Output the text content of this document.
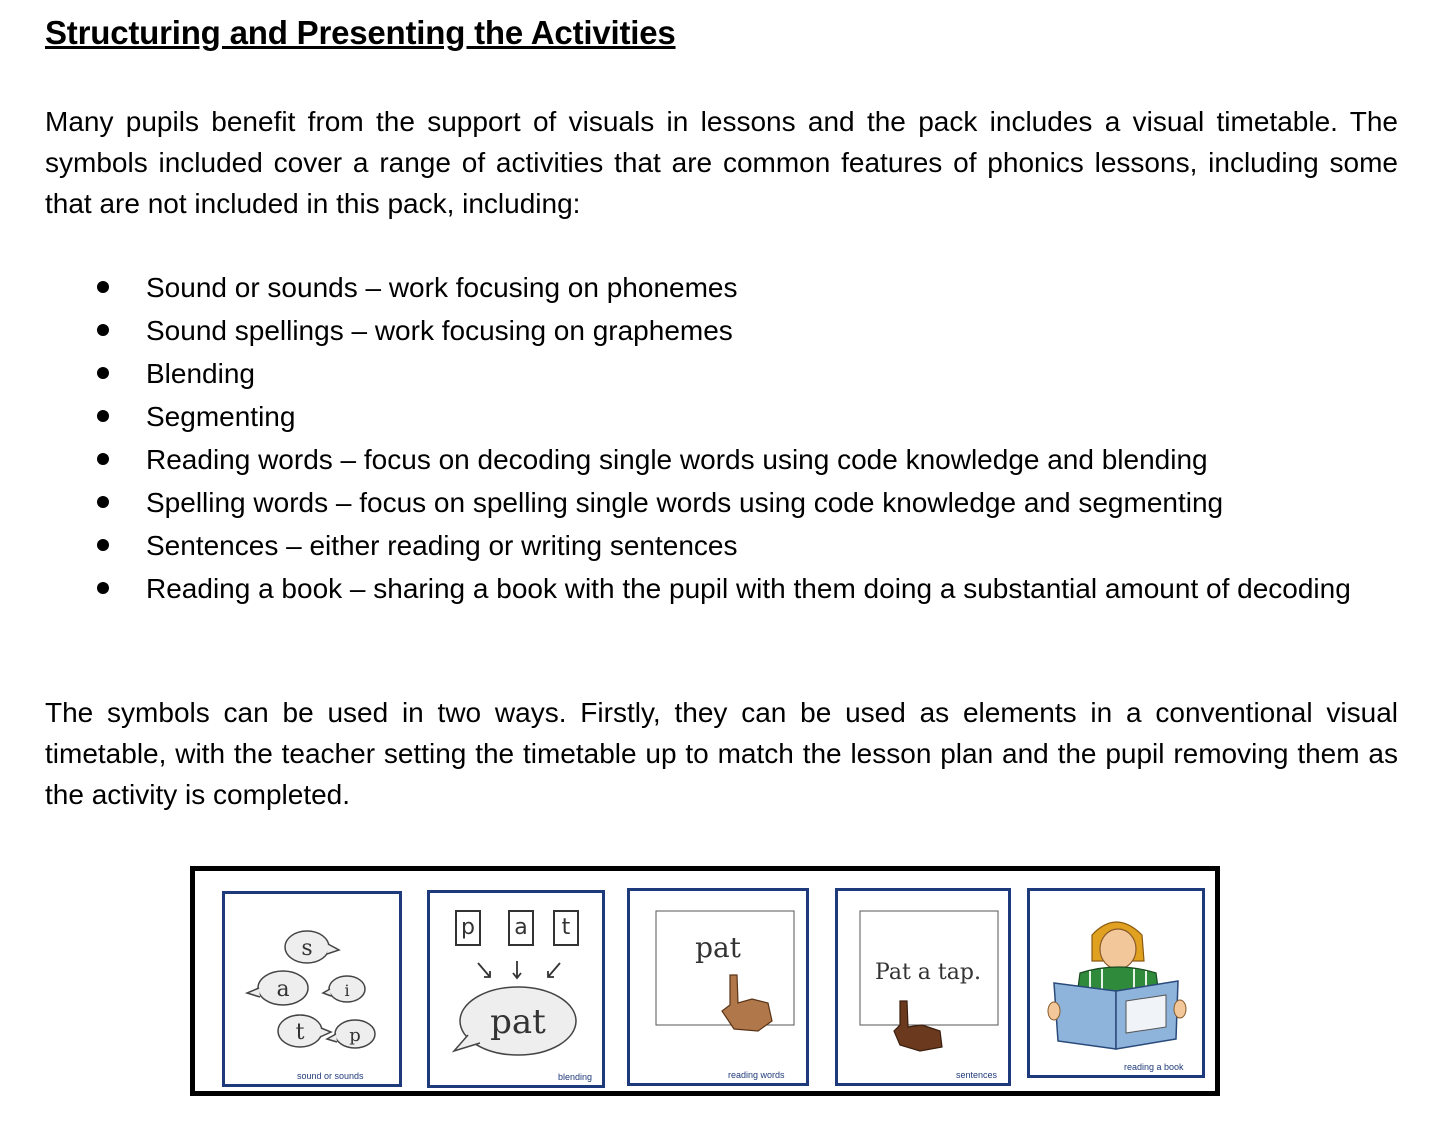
Structuring and Presenting the Activities

Many pupils benefit from the support of visuals in lessons and the pack includes a visual timetable. The symbols included cover a range of activities that are common features of phonics lessons, including some that are not included in this pack, including:

Sound or sounds – work focusing on phonemes
Sound spellings – work focusing on graphemes
Blending
Segmenting
Reading words – focus on decoding single words using code knowledge and blending
Spelling words – focus on spelling single words using code knowledge and segmenting
Sentences – either reading or writing sentences
Reading a book – sharing a book with the pupil with them doing a substantial amount of decoding

The symbols can be used in two ways. Firstly, they can be used as elements in a conventional visual timetable, with the teacher setting the timetable up to match the lesson plan and the pupil removing them as the activity is completed.

s
a	i
t p
sound or sounds
p a	t
pat
blending
pat
reading words
Pat a tap.
sentences
reading a book
